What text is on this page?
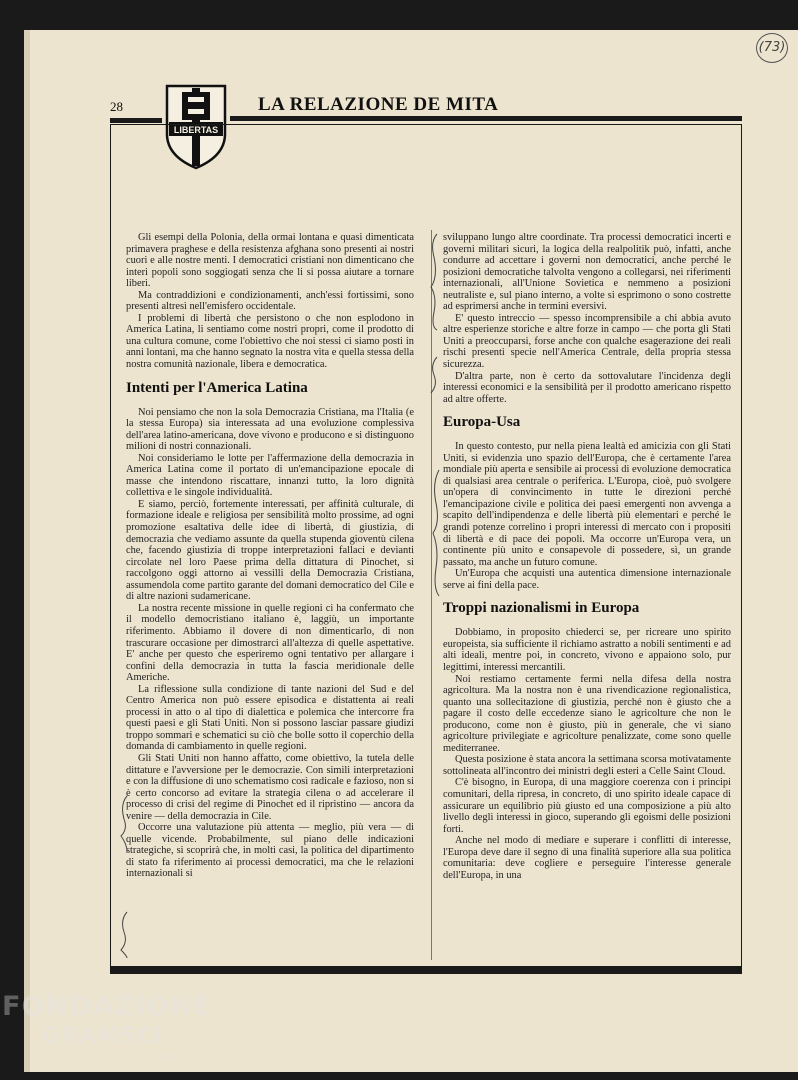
(73)
28
LIBERTAS
LA RELAZIONE DE MITA

Gli esempi della Polonia, della ormai lontana e quasi dimenticata primavera praghese e della resistenza afghana sono presenti ai nostri cuori e alle nostre menti. I democratici cristiani non dimenticano che interi popoli sono soggiogati senza che li si possa aiutare a tornare liberi.

Ma contraddizioni e condizionamenti, anch'essi fortissimi, sono presenti altresì nell'emisfero occidentale.

I problemi di libertà che persistono o che non esplodono in America Latina, li sentiamo come nostri propri, come il prodotto di una cultura comune, come l'obiettivo che noi stessi ci siamo posti in anni lontani, ma che hanno segnato la nostra vita e quella stessa della nostra comunità nazionale, libera e democratica.

Intenti per l'America Latina

Noi pensiamo che non la sola Democrazia Cristiana, ma l'Italia (e la stessa Europa) sia interessata ad una evoluzione complessiva dell'area latino-americana, dove vivono e producono e si distinguono milioni di nostri connazionali.

Noi consideriamo le lotte per l'affermazione della democrazia in America Latina come il portato di un'emancipazione epocale di masse che intendono riscattare, innanzi tutto, la loro dignità collettiva e le singole individualità.

E siamo, perciò, fortemente interessati, per affinità culturale, di formazione ideale e religiosa per sensibilità molto prossime, ad ogni promozione esaltativa delle idee di libertà, di giustizia, di democrazia che vediamo assunte da quella stupenda gioventù cilena che, facendo giustizia di troppe interpretazioni fallaci e devianti circolate nel loro Paese prima della dittatura di Pinochet, si raccolgono oggi attorno ai vessilli della Democrazia Cristiana, assumendola come partito garante del domani democratico del Cile e di altre nazioni sudamericane.

La nostra recente missione in quelle regioni ci ha confermato che il modello democristiano italiano è, laggiù, un importante riferimento. Abbiamo il dovere di non dimenticarlo, di non trascurare occasione per dimostrarci all'altezza di quelle aspettative. E' anche per questo che esperiremo ogni tentativo per allargare i confini della democrazia in tutta la fascia meridionale delle Americhe.

La riflessione sulla condizione di tante nazioni del Sud e del Centro America non può essere episodica e distattenta ai reali processi in atto o al tipo di dialettica e polemica che intercorre fra questi paesi e gli Stati Uniti. Non si possono lasciar passare giudizi troppo sommari e schematici su ciò che bolle sotto il coperchio della domanda di cambiamento in quelle regioni.

Gli Stati Uniti non hanno affatto, come obiettivo, la tutela delle dittature e l'avversione per le democrazie. Con simili interpretazioni e con la diffusione di uno schematismo così radicale e fazioso, non si è certo concorso ad evitare la strategia cilena o ad accelerare il processo di crisi del regime di Pinochet ed il ripristino — ancora da venire — della democrazia in Cile.

Occorre una valutazione più attenta — meglio, più vera — di quelle vicende. Probabilmente, sul piano delle indicazioni strategiche, si scoprirà che, in molti casi, la politica del dipartimento di stato fa riferimento ai processi democratici, ma che le relazioni internazionali si

sviluppano lungo altre coordinate. Tra processi democratici incerti e governi militari sicuri, la logica della realpolitik può, infatti, anche condurre ad accettare i governi non democratici, anche perché le posizioni democratiche talvolta vengono a collegarsi, nei riferimenti internazionali, all'Unione Sovietica e nemmeno a posizioni neutraliste e, sul piano interno, a volte si esprimono o sono costrette ad esprimersi anche in termini eversivi.

E' questo intreccio — spesso incomprensibile a chi abbia avuto altre esperienze storiche e altre forze in campo — che porta gli Stati Uniti a preoccuparsi, forse anche con qualche esagerazione dei reali rischi presenti specie nell'America Centrale, della propria stessa sicurezza.

D'altra parte, non è certo da sottovalutare l'incidenza degli interessi economici e la sensibilità per il prodotto americano rispetto ad altre offerte.

Europa-Usa

In questo contesto, pur nella piena lealtà ed amicizia con gli Stati Uniti, si evidenzia uno spazio dell'Europa, che è certamente l'area mondiale più aperta e sensibile ai processi di evoluzione democratica di qualsiasi area centrale o periferica. L'Europa, cioè, può svolgere un'opera di convincimento in tutte le direzioni perché l'emancipazione civile e politica dei paesi emergenti non avvenga a scapito dell'indipendenza e delle libertà più elementari e perché le grandi potenze correlino i propri interessi di mercato con i propositi di libertà e di pace dei popoli. Ma occorre un'Europa vera, un continente più unito e consapevole di possedere, sì, un grande passato, ma anche un futuro comune.

Un'Europa che acquisti una autentica dimensione internazionale serve ai fini della pace.

Troppi nazionalismi in Europa

Dobbiamo, in proposito chiederci se, per ricreare uno spirito europeista, sia sufficiente il richiamo astratto a nobili sentimenti e ad alti ideali, mentre poi, in concreto, vivono e appaiono solo, pur legittimi, interessi mercantili.

Noi restiamo certamente fermi nella difesa della nostra agricoltura. Ma la nostra non è una rivendicazione regionalistica, quanto una sollecitazione di giustizia, perché non è giusto che a pagare il costo delle eccedenze siano le agricolture che non le producono, come non è giusto, più in generale, che vi siano agricolture privilegiate e agricolture penalizzate, come sono quelle mediterranee.

Questa posizione è stata ancora la settimana scorsa motivatamente sottolineata all'incontro dei ministri degli esteri a Celle Saint Cloud.

C'è bisogno, in Europa, di una maggiore coerenza con i principi comunitari, della ripresa, in concreto, di uno spirito ideale capace di assicurare un equilibrio più giusto ed una composizione a più alto livello degli interessi in gioco, superando gli egoismi delle posizioni forti.

Anche nel modo di mediare e superare i conflitti di interesse, l'Europa deve dare il segno di una finalità superiore alla sua politica comunitaria: deve cogliere e perseguire l'interesse generale dell'Europa, in una

FONDAZIONE
GRAMSCI
onlus
